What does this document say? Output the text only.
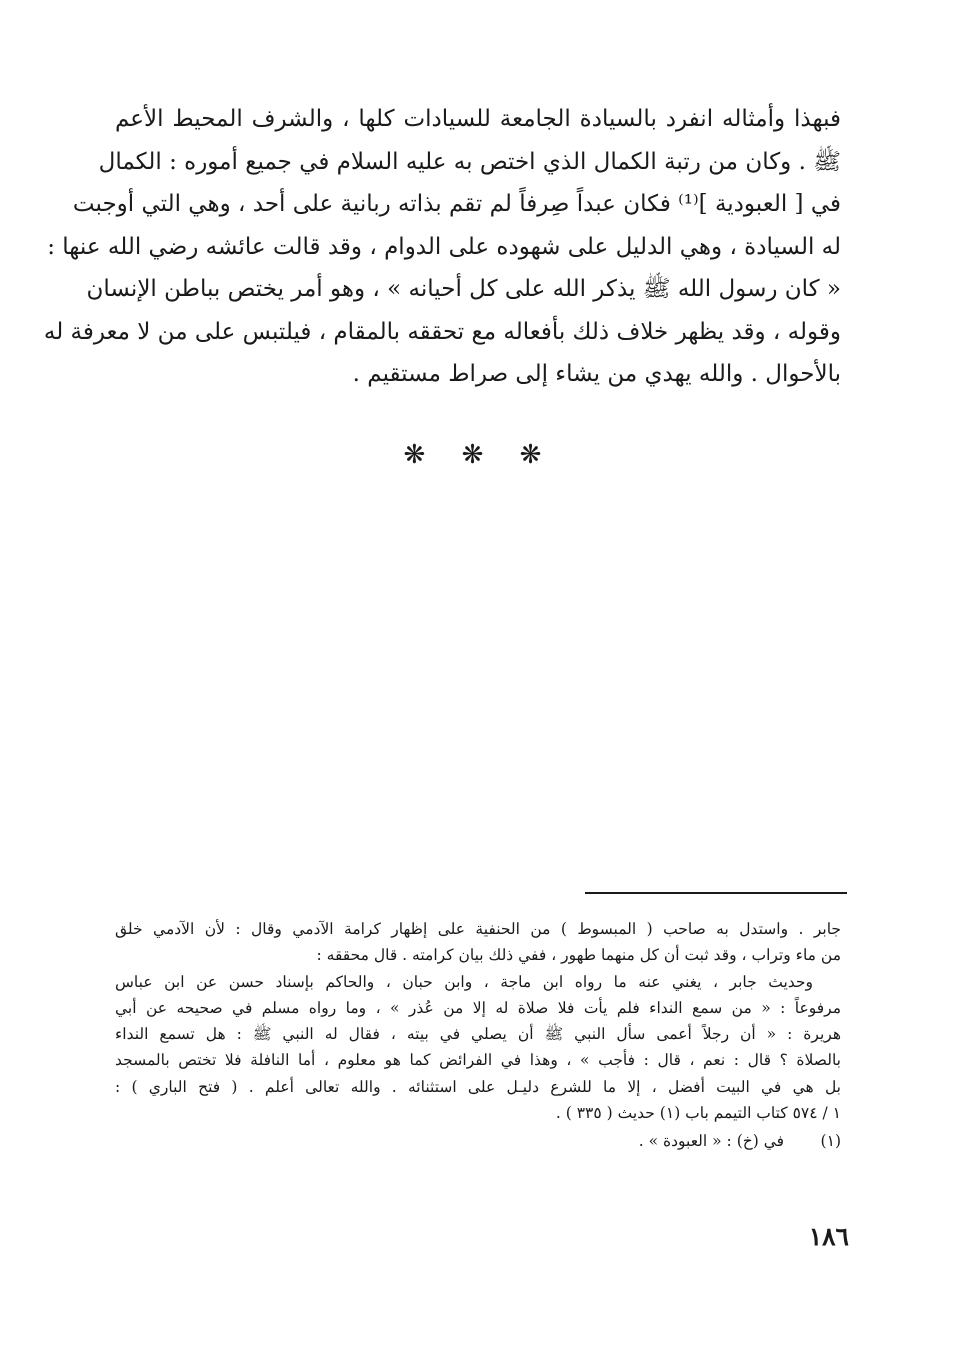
فبهذا وأمثاله انفرد بالسيادة الجامعة للسيادات كلها ، والشرف المحيط الأعم
ﷺ . وكان من رتبة الكمال الذي اختص به عليه السلام في جميع أموره : الكمال
في [ العبودية ]⁽¹⁾ فكان عبداً صِرفاً لم تقم بذاته ربانية على أحد ، وهي التي أوجبت
له السيادة ، وهي الدليل على شهوده على الدوام ، وقد قالت عائشه رضي الله عنها :
« كان رسول الله ﷺ يذكر الله على كل أحيانه » ، وهو أمر يختص بباطن الإنسان
وقوله ، وقد يظهر خلاف ذلك بأفعاله مع تحققه بالمقام ، فيلتبس على من لا معرفة له
بالأحوال . والله يهدي من يشاء إلى صراط مستقيم .
❋ ❋ ❋
جابر . واستدل به صاحب ( المبسوط ) من الحنفية على إظهار كرامة الآدمي وقال : لأن الآدمي خلق
من ماء وتراب ، وقد ثبت أن كل منهما طهور ، ففي ذلك بيان كرامته . قال محققه :
وحديث جابر ، يغني عنه ما رواه ابن ماجة ، وابن حبان ، والحاكم بإسناد حسن عن ابن عباس
مرفوعاً : « من سمع النداء فلم يأت فلا صلاة له إلا من عُذر » ، وما رواه مسلم في صحيحه عن أبي
هريرة : « أن رجلاً أعمى سأل النبي ﷺ أن يصلي في بيته ، فقال له النبي ﷺ : هل تسمع النداء
بالصلاة ؟ قال : نعم ، قال : فأجب » ، وهذا في الفرائض كما هو معلوم ، أما النافلة فلا تختص بالمسجد
بل هي في البيت أفضل ، إلا ما للشرع دليـل على استثنائه . والله تعالى أعلم . ( فتح الباري ) :
١ / ٥٧٤ كتاب التيمم باب (١) حديث ( ٣٣٥ ) .
(١) في (خ) : « العبودة » .
١٨٦
